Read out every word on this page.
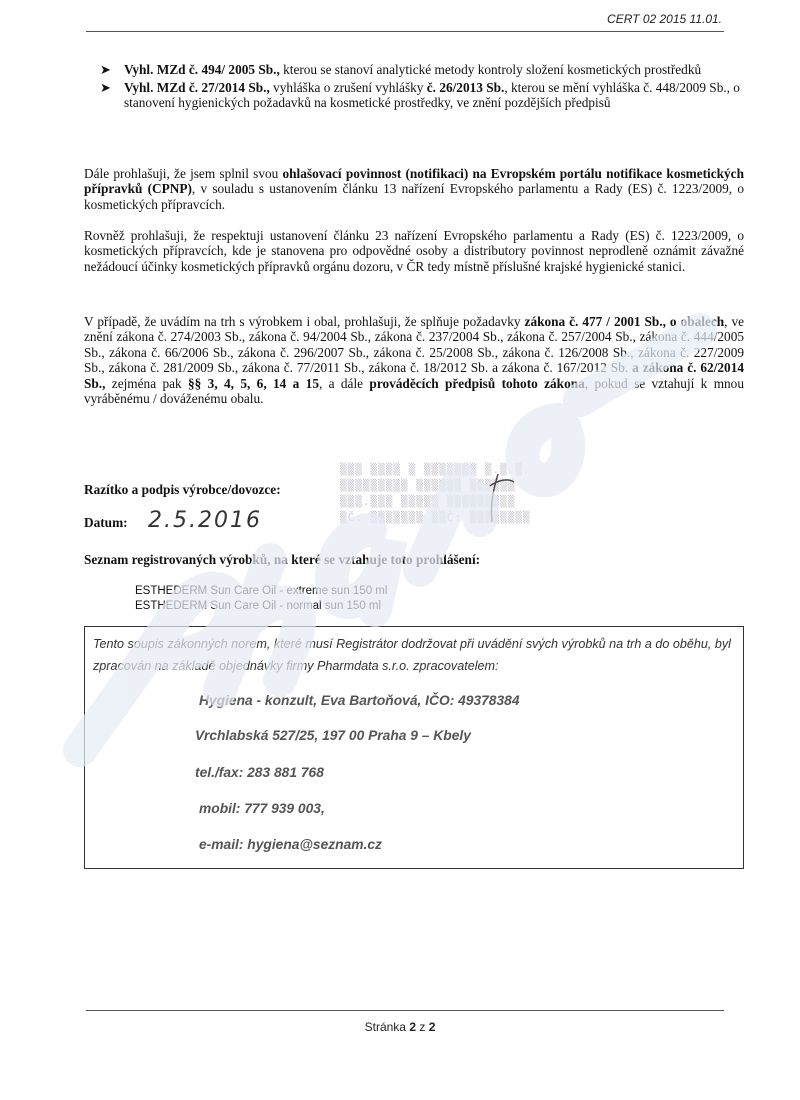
CERT 02 2015 11.01.
➤ Vyhl. MZd č. 494/ 2005 Sb., kterou se stanoví analytické metody kontroly složení kosmetických prostředků
➤ Vyhl. MZd č. 27/2014 Sb., vyhláška o zrušení vyhlášky č. 26/2013 Sb., kterou se mění vyhláška č. 448/2009 Sb., o stanovení hygienických požadavků na kosmetické prostředky, ve znění pozdějších předpisů
Dále prohlašuji, že jsem splnil svou ohlašovací povinnost (notifikaci) na Evropském portálu notifikace kosmetických přípravků (CPNP), v souladu s ustanovením článku 13 nařízení Evropského parlamentu a Rady (ES) č. 1223/2009, o kosmetických přípravcích.
Rovněž prohlašuji, že respektuji ustanovení článku 23 nařízení Evropského parlamentu a Rady (ES) č. 1223/2009, o kosmetických přípravcích, kde je stanovena pro odpovědné osoby a distributory povinnost neprodleně oznámit závažné nežádoucí účinky kosmetických přípravků orgánu dozoru, v ČR tedy místně příslušné krajské hygienické stanici.
V případě, že uvádím na trh s výrobkem i obal, prohlašuji, že splňuje požadavky zákona č. 477 / 2001 Sb., o obalech, ve znění zákona č. 274/2003 Sb., zákona č. 94/2004 Sb., zákona č. 237/2004 Sb., zákona č. 257/2004 Sb., zákona č. 444/2005 Sb., zákona č. 66/2006 Sb., zákona č. 296/2007 Sb., zákona č. 25/2008 Sb., zákona č. 126/2008 Sb., zákona č. 227/2009 Sb., zákona č. 281/2009 Sb., zákona č. 77/2011 Sb., zákona č. 18/2012 Sb. a zákona č. 167/2012 Sb. a zákona č. 62/2014 Sb., zejména pak §§ 3, 4, 5, 6, 14 a 15, a dále prováděcích předpisů tohoto zákona, pokud se vztahují k mnou vyráběnému / dováženému obalu.
▒▒▒ ▒▒▒▒ ▒ ▒▒▒▒▒▒▒ ▒.▒.▒.
▒▒▒▒▒▒▒▒▒ ▒▒▒▒▒▒ ▒▒▒▒▒▒
▒▒▒.▒▒▒ ▒▒▒▒▒ ▒▒▒▒▒▒▒▒▒
▒Č: ▒▒▒▒▒▒▒ ▒▒Č: ▒▒▒▒▒▒▒▒
Razítko a podpis výrobce/dovozce:
Datum: 2.5.2016
Seznam registrovaných výrobků, na které se vztahuje toto prohlášení:
ESTHEDERM Sun Care Oil - extreme sun 150 ml
ESTHEDERM Sun Care Oil - normal sun 150 ml
Tento soupis zákonných norem, které musí Registrátor dodržovat při uvádění svých výrobků na trh a do oběhu, byl zpracován na základě objednávky firmy Pharmdata s.r.o. zpracovatelem:
Hygiena - konzult, Eva Bartoňová, IČO: 49378384
Vrchlabská 527/25, 197 00 Praha 9 – Kbely
tel./fax: 283 881 768
mobil: 777 939 003,
e-mail: hygiena@seznam.cz
Stránka 2 z 2
